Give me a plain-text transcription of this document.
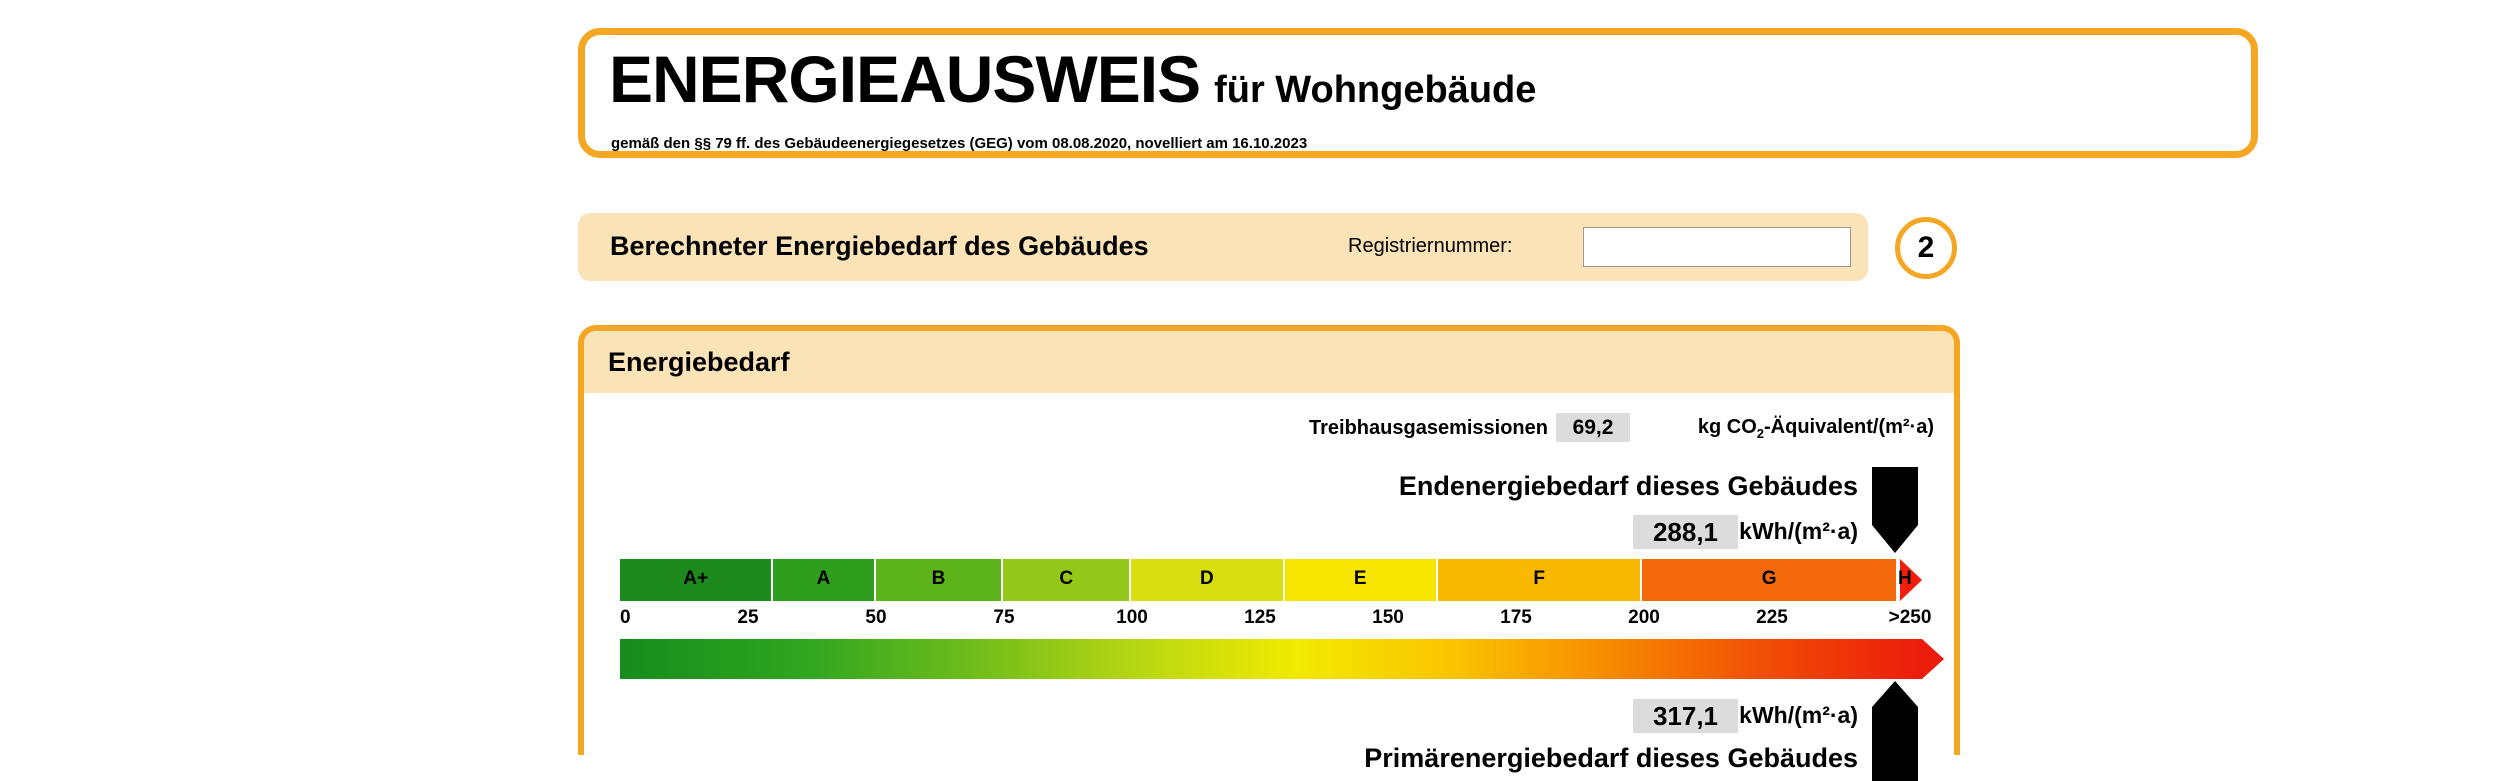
ENERGIEAUSWEIS für Wohngebäude
gemäß den §§ 79 ff. des Gebäudeenergiegesetzes (GEG) vom 08.08.2020, novelliert am 16.10.2023
Berechneter Energiebedarf des Gebäudes	Registriernummer:	2
Energiebedarf
Treibhausgasemissionen	69,2	kg $CO_2-Äquivalent/(m^2\cdot a)$
Endenergiebedarf dieses Gebäudes
288,1 kWh/(m²·a)
A+	A	B	C	D	E	F	G	H
0	25	50	75	100	125	150	175	200	225	>250
317,1 kWh/(m²·a)
Primärenergiebedarf dieses Gebäudes
